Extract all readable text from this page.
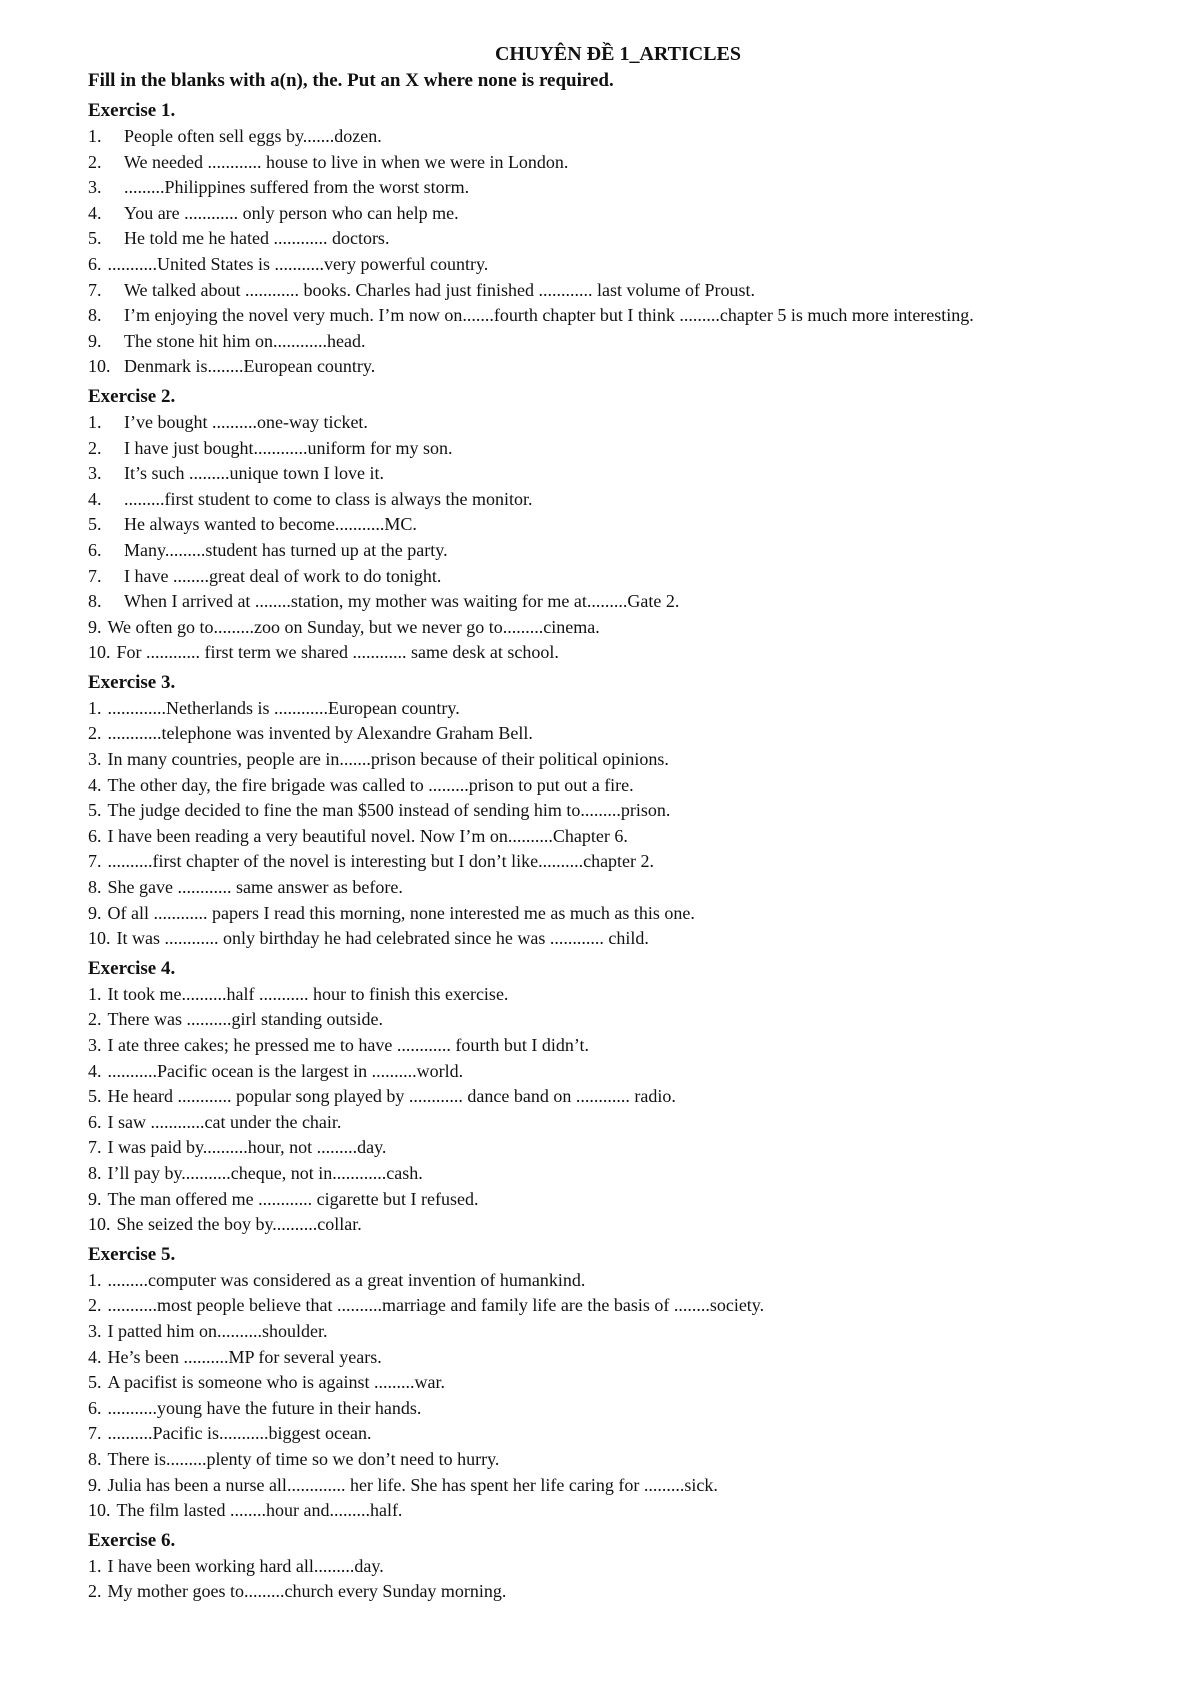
CHUYÊN ĐỀ 1_ARTICLES

Fill in the blanks with a(n), the. Put an X where none is required.

Exercise 1.
1.	People often sell eggs by.......dozen.
2.	We needed ............ house to live in when we were in London.
3.	.........Philippines suffered from the worst storm.
4.	You are ............ only person who can help me.
5.	He told me he hated ............ doctors.
6. ...........United States is ...........very powerful country.
7.	We talked about ............ books. Charles had just finished ............ last volume of Proust.
8.	I’m enjoying the novel very much. I’m now on.......fourth chapter but I think .........chapter 5 is much more interesting.
9.	The stone hit him on............head.
10. Denmark is........European country.
Exercise 2.
1.	I’ve bought ..........one-way ticket.
2.	I have just bought............uniform for my son.
3.	It’s such .........unique town I love it.
4.	.........first student to come to class is always the monitor.
5.	He always wanted to become...........MC.
6.	Many.........student has turned up at the party.
7.	I have ........great deal of work to do tonight.
8.	When I arrived at ........station, my mother was waiting for me at.........Gate 2.
9. We often go to.........zoo on Sunday, but we never go to.........cinema.
10. For ............ first term we shared ............ same desk at school.
Exercise 3.
1. .............Netherlands is ............European country.
2. ............telephone was invented by Alexandre Graham Bell.
3. In many countries, people are in.......prison because of their political opinions.
4. The other day, the fire brigade was called to .........prison to put out a fire.
5. The judge decided to fine the man $500 instead of sending him to.........prison.
6. I have been reading a very beautiful novel. Now I’m on..........Chapter 6.
7. ..........first chapter of the novel is interesting but I don’t like..........chapter 2.
8. She gave ............ same answer as before.
9. Of all ............ papers I read this morning, none interested me as much as this one.
10. It was ............ only birthday he had celebrated since he was ............ child.
Exercise 4.
1. It took me..........half ........... hour to finish this exercise.
2. There was ..........girl standing outside.
3. I ate three cakes; he pressed me to have ............ fourth but I didn’t.
4. ...........Pacific ocean is the largest in ..........world.
5. He heard ............ popular song played by ............ dance band on ............ radio.
6. I saw ............cat under the chair.
7. I was paid by..........hour, not .........day.
8. I’ll pay by...........cheque, not in............cash.
9. The man offered me ............ cigarette but I refused.
10. She seized the boy by..........collar.
Exercise 5.
1. .........computer was considered as a great invention of humankind.
2. ...........most people believe that ..........marriage and family life are the basis of ........society.
3. I patted him on..........shoulder.
4. He’s been ..........MP for several years.
5. A pacifist is someone who is against .........war.
6. ...........young have the future in their hands.
7. ..........Pacific is...........biggest ocean.
8. There is.........plenty of time so we don’t need to hurry.
9. Julia has been a nurse all............. her life. She has spent her life caring for .........sick.
10. The film lasted ........hour and.........half.
Exercise 6.
1. I have been working hard all.........day.
2. My mother goes to.........church every Sunday morning.
